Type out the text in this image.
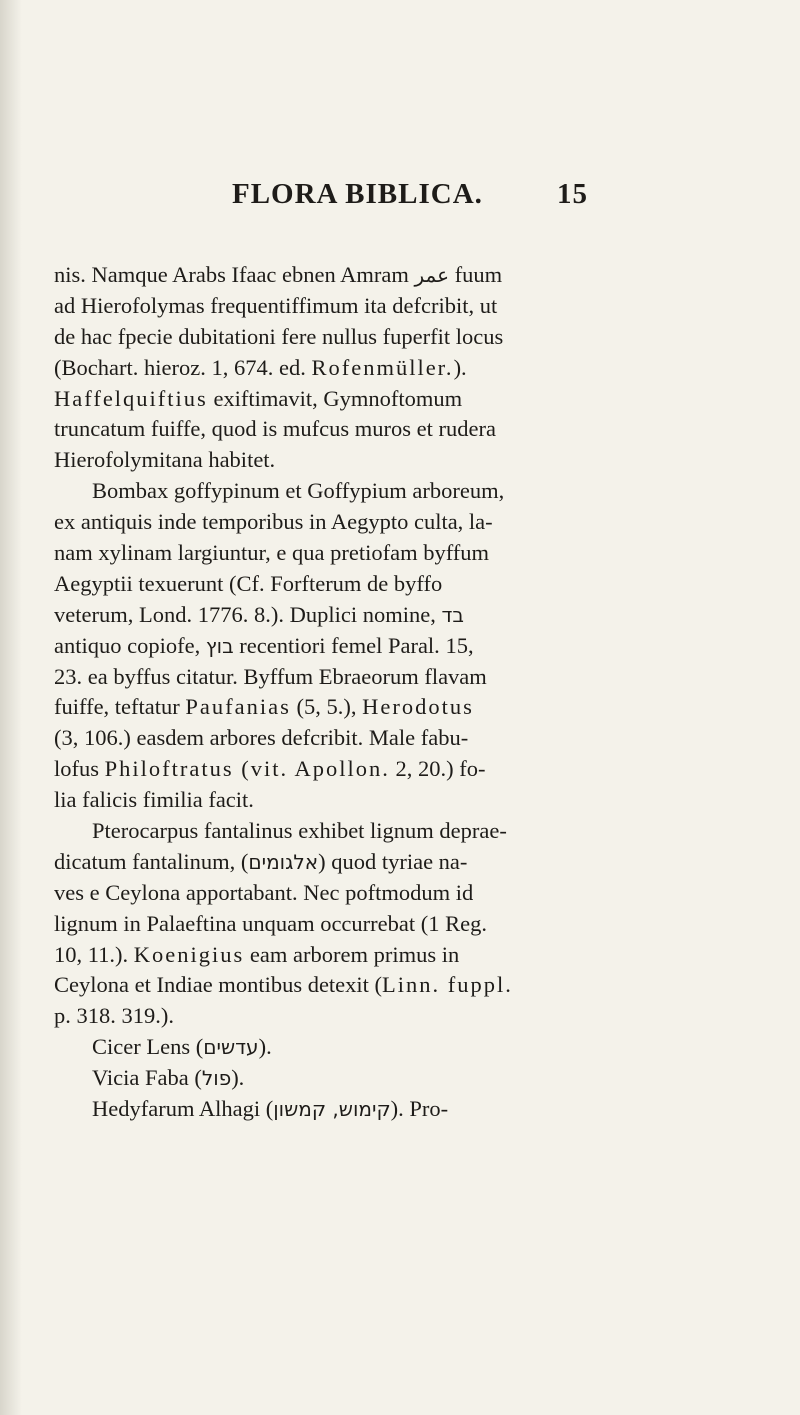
FLORA BIBLICA.	15
nis. Namque Arabs Ifaac ebnen Amram عمر fuum
ad Hierofolymas frequentiffimum ita defcribit, ut
de hac fpecie dubitationi fere nullus fuperfit locus
(Bochart. hieroz. 1, 674. ed. Rofenmüller.).
Haffelquiftius exiftimavit, Gymnoftomum
truncatum fuiffe, quod is mufcus muros et rudera
Hierofolymitana habitet.
Bombax goffypinum et Goffypium arboreum,
ex antiquis inde temporibus in Aegypto culta, la-
nam xylinam largiuntur, e qua pretiofam byffum
Aegyptii texuerunt (Cf. Forfterum de byffo
veterum, Lond. 1776. 8.). Duplici nomine, בד
antiquo copiofe, בוץ recentiori femel Paral. 15,
23. ea byffus citatur. Byffum Ebraeorum flavam
fuiffe, teftatur Paufanias (5, 5.), Herodotus
(3, 106.) easdem arbores defcribit. Male fabu-
lofus Philoftratus (vit. Apollon. 2, 20.) fo-
lia falicis fimilia facit.
Pterocarpus fantalinus exhibet lignum deprae-
dicatum fantalinum, (אלגומים) quod tyriae na-
ves e Ceylona apportabant. Nec poftmodum id
lignum in Palaeftina unquam occurrebat (1 Reg.
10, 11.). Koenigius eam arborem primus in
Ceylona et Indiae montibus detexit (Linn. fuppl.
p. 318. 319.).
Cicer Lens (עדשים).
Vicia Faba (פול).
Hedyfarum Alhagi (קימוש, קמשון). Pro-
